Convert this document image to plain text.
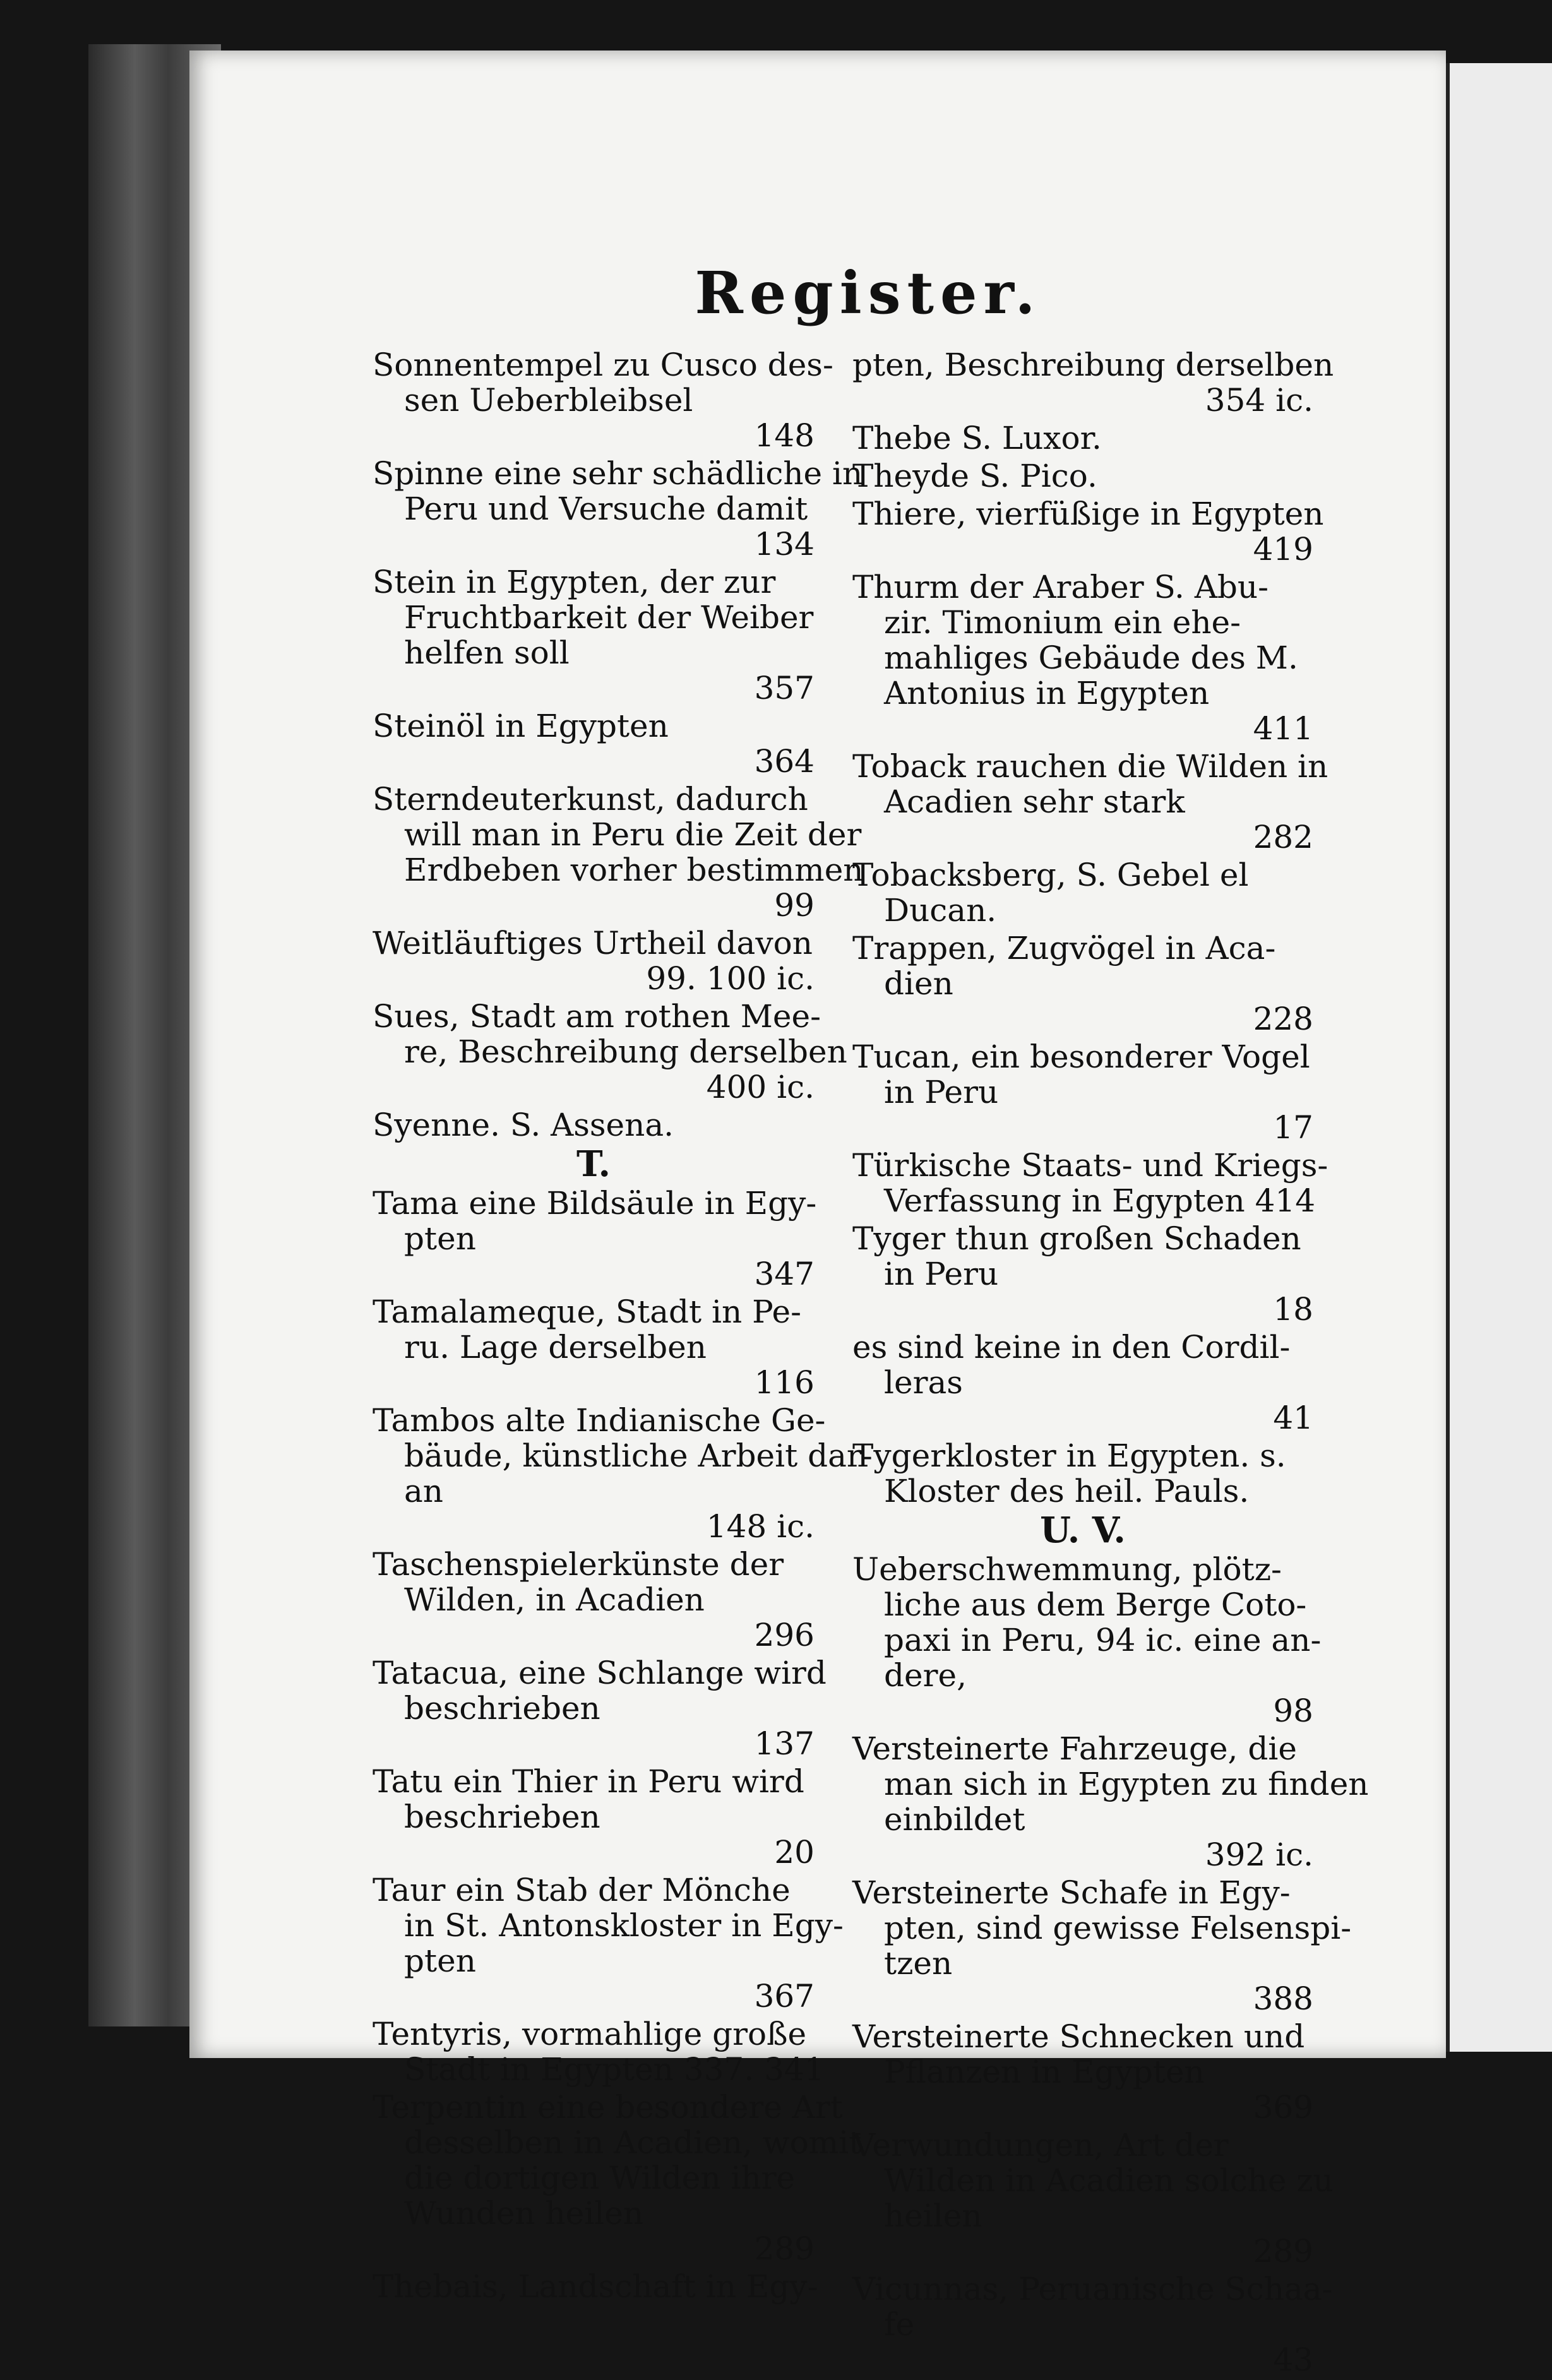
Register.
Sonnentempel zu Cusco des-
sen Ueberbleibsel
148
Spinne eine sehr schädliche in
Peru und Versuche damit
134
Stein in Egypten, der zur
Fruchtbarkeit der Weiber
helfen soll
357
Steinöl in Egypten
364
Sterndeuterkunst, dadurch
will man in Peru die Zeit der
Erdbeben vorher bestimmen
99
Weitläuftiges Urtheil davon
99. 100 ic.
Sues, Stadt am rothen Mee-
re, Beschreibung derselben
400 ic.
Syenne. S. Assena.
T.
Tama eine Bildsäule in Egy-
pten
347
Tamalameque, Stadt in Pe-
ru. Lage derselben
116
Tambos alte Indianische Ge-
bäude, künstliche Arbeit dar-
an
148 ic.
Taschenspielerkünste der
Wilden, in Acadien
296
Tatacua, eine Schlange wird
beschrieben
137
Tatu ein Thier in Peru wird
beschrieben
20
Taur ein Stab der Mönche
in St. Antonskloster in Egy-
pten
367
Tentyris, vormahlige große
Stadt in Egypten 337. 341
Terpentin eine besondere Art
desselben in Acadien, womit
die dortigen Wilden ihre
Wunden heilen
289
Thebais, Landschaft in Egy-
pten, Beschreibung derselben
354 ic.
Thebe S. Luxor.
Theyde S. Pico.
Thiere, vierfüßige in Egypten
419
Thurm der Araber S. Abu-
zir. Timonium ein ehe-
mahliges Gebäude des M.
Antonius in Egypten
411
Toback rauchen die Wilden in
Acadien sehr stark
282
Tobacksberg, S. Gebel el
Ducan.
Trappen, Zugvögel in Aca-
dien
228
Tucan, ein besonderer Vogel
in Peru
17
Türkische Staats- und Kriegs-
Verfassung in Egypten 414
Tyger thun großen Schaden
in Peru
18
es sind keine in den Cordil-
leras
41
Tygerkloster in Egypten. s.
Kloster des heil. Pauls.
U. V.
Ueberschwemmung, plötz-
liche aus dem Berge Coto-
paxi in Peru, 94 ic. eine an-
dere,
98
Versteinerte Fahrzeuge, die
man sich in Egypten zu finden
einbildet
392 ic.
Versteinerte Schafe in Egy-
pten, sind gewisse Felsenspi-
tzen
388
Versteinerte Schnecken und
Pflanzen in Egypten
369
Verwundungen, Art der
Wilden in Acadien solche zu
heilen
289
Vicunnas, Peruanische Schaa-
fe
43
